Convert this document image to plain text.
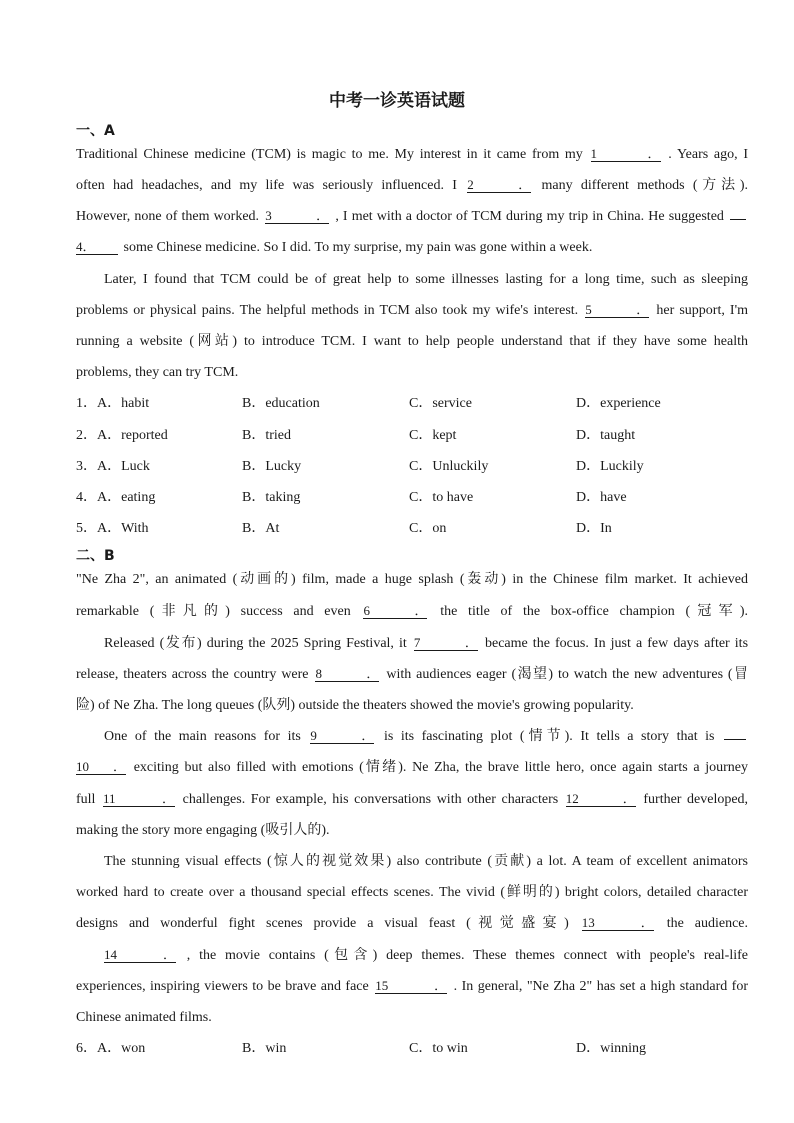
中考一诊英语试题
一、A
Traditional Chinese medicine (TCM) is magic to me. My interest in it came from my 1． . Years ago, I
often had headaches, and my life was seriously influenced. I 2． many different methods (方法).
However, none of them worked. 3． , I met with a doctor of TCM during my trip in China. He suggested
4． some Chinese medicine. So I did. To my surprise, my pain was gone within a week.
Later, I found that TCM could be of great help to some illnesses lasting for a long time, such as sleeping
problems or physical pains. The helpful methods in TCM also took my wife's interest. 5． her support, I'm
running a website (网站) to introduce TCM. I want to help people understand that if they have some health
problems, they can try TCM.
1．A．habit	B．education	C．service	D．experience
2．A．reported	B．tried	C．kept	D．taught
3．A．Luck	B．Lucky	C．Unluckily	D．Luckily
4．A．eating	B．taking	C．to have	D．have
5．A．With	B．At	C．on	D．In
二、B
"Ne Zha 2", an animated (动画的) film, made a huge splash (轰动) in the Chinese film market. It achieved
remarkable (非凡的) success and even 6． the title of the box-office champion (冠军).
Released (发布) during the 2025 Spring Festival, it 7． became the focus. In just a few days after its
release, theaters across the country were 8． with audiences eager (渴望) to watch the new adventures (冒
险) of Ne Zha. The long queues (队列) outside the theaters showed the movie's growing popularity.
One of the main reasons for its 9． is its fascinating plot (情节). It tells a story that is
10． exciting but also filled with emotions (情绪). Ne Zha, the brave little hero, once again starts a journey
full 11． challenges. For example, his conversations with other characters 12． further developed,
making the story more engaging (吸引人的).
The stunning visual effects (惊人的视觉效果) also contribute (贡献) a lot. A team of excellent animators
worked hard to create over a thousand special effects scenes. The vivid (鲜明的) bright colors, detailed character
designs and wonderful fight scenes provide a visual feast (视觉盛宴) 13． the audience.
14． , the movie contains (包含) deep themes. These themes connect with people's real-life
experiences, inspiring viewers to be brave and face 15． . In general, "Ne Zha 2" has set a high standard for
Chinese animated films.
6．A．won	B．win	C．to win	D．winning
